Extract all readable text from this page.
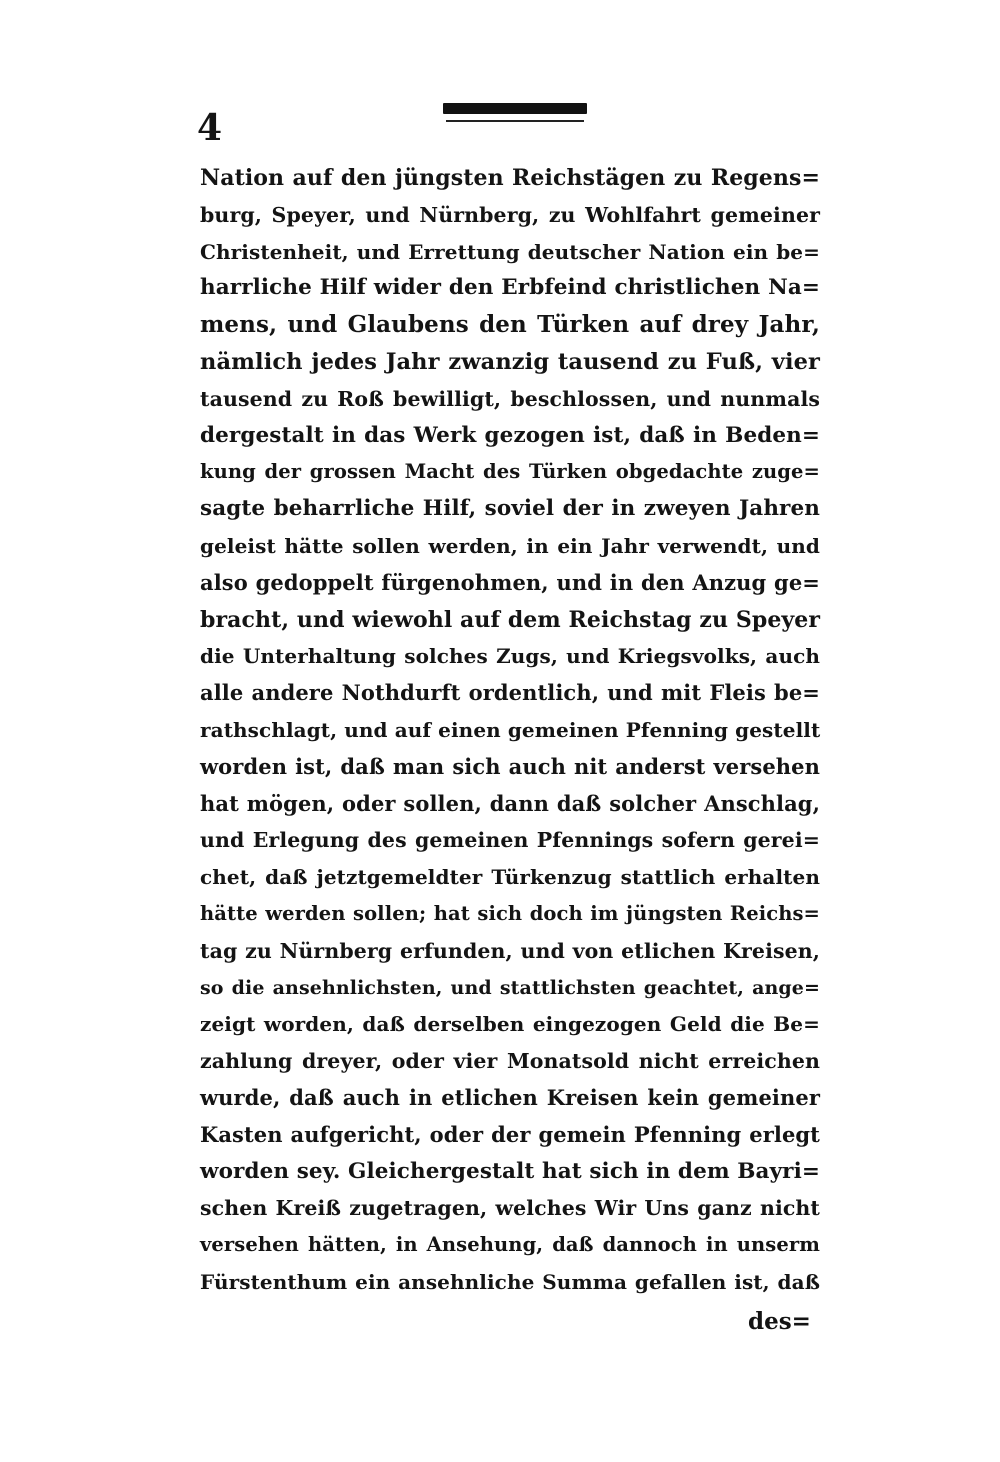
4
Nation auf den jüngsten Reichstägen zu Regens=
burg, Speyer, und Nürnberg, zu Wohlfahrt gemeiner
Christenheit, und Errettung deutscher Nation ein be=
harrliche Hilf wider den Erbfeind christlichen Na=
mens, und Glaubens den Türken auf drey Jahr,
nämlich jedes Jahr zwanzig tausend zu Fuß, vier
tausend zu Roß bewilligt, beschlossen, und nunmals
dergestalt in das Werk gezogen ist, daß in Beden=
kung der grossen Macht des Türken obgedachte zuge=
sagte beharrliche Hilf, soviel der in zweyen Jahren
geleist hätte sollen werden, in ein Jahr verwendt, und
also gedoppelt fürgenohmen, und in den Anzug ge=
bracht, und wiewohl auf dem Reichstag zu Speyer
die Unterhaltung solches Zugs, und Kriegsvolks, auch
alle andere Nothdurft ordentlich, und mit Fleis be=
rathschlagt, und auf einen gemeinen Pfenning gestellt
worden ist, daß man sich auch nit anderst versehen
hat mögen, oder sollen, dann daß solcher Anschlag,
und Erlegung des gemeinen Pfennings sofern gerei=
chet, daß jetztgemeldter Türkenzug stattlich erhalten
hätte werden sollen; hat sich doch im jüngsten Reichs=
tag zu Nürnberg erfunden, und von etlichen Kreisen,
so die ansehnlichsten, und stattlichsten geachtet, ange=
zeigt worden, daß derselben eingezogen Geld die Be=
zahlung dreyer, oder vier Monatsold nicht erreichen
wurde, daß auch in etlichen Kreisen kein gemeiner
Kasten aufgericht, oder der gemein Pfenning erlegt
worden sey. Gleichergestalt hat sich in dem Bayri=
schen Kreiß zugetragen, welches Wir Uns ganz nicht
versehen hätten, in Ansehung, daß dannoch in unserm
Fürstenthum ein ansehnliche Summa gefallen ist, daß
des=
